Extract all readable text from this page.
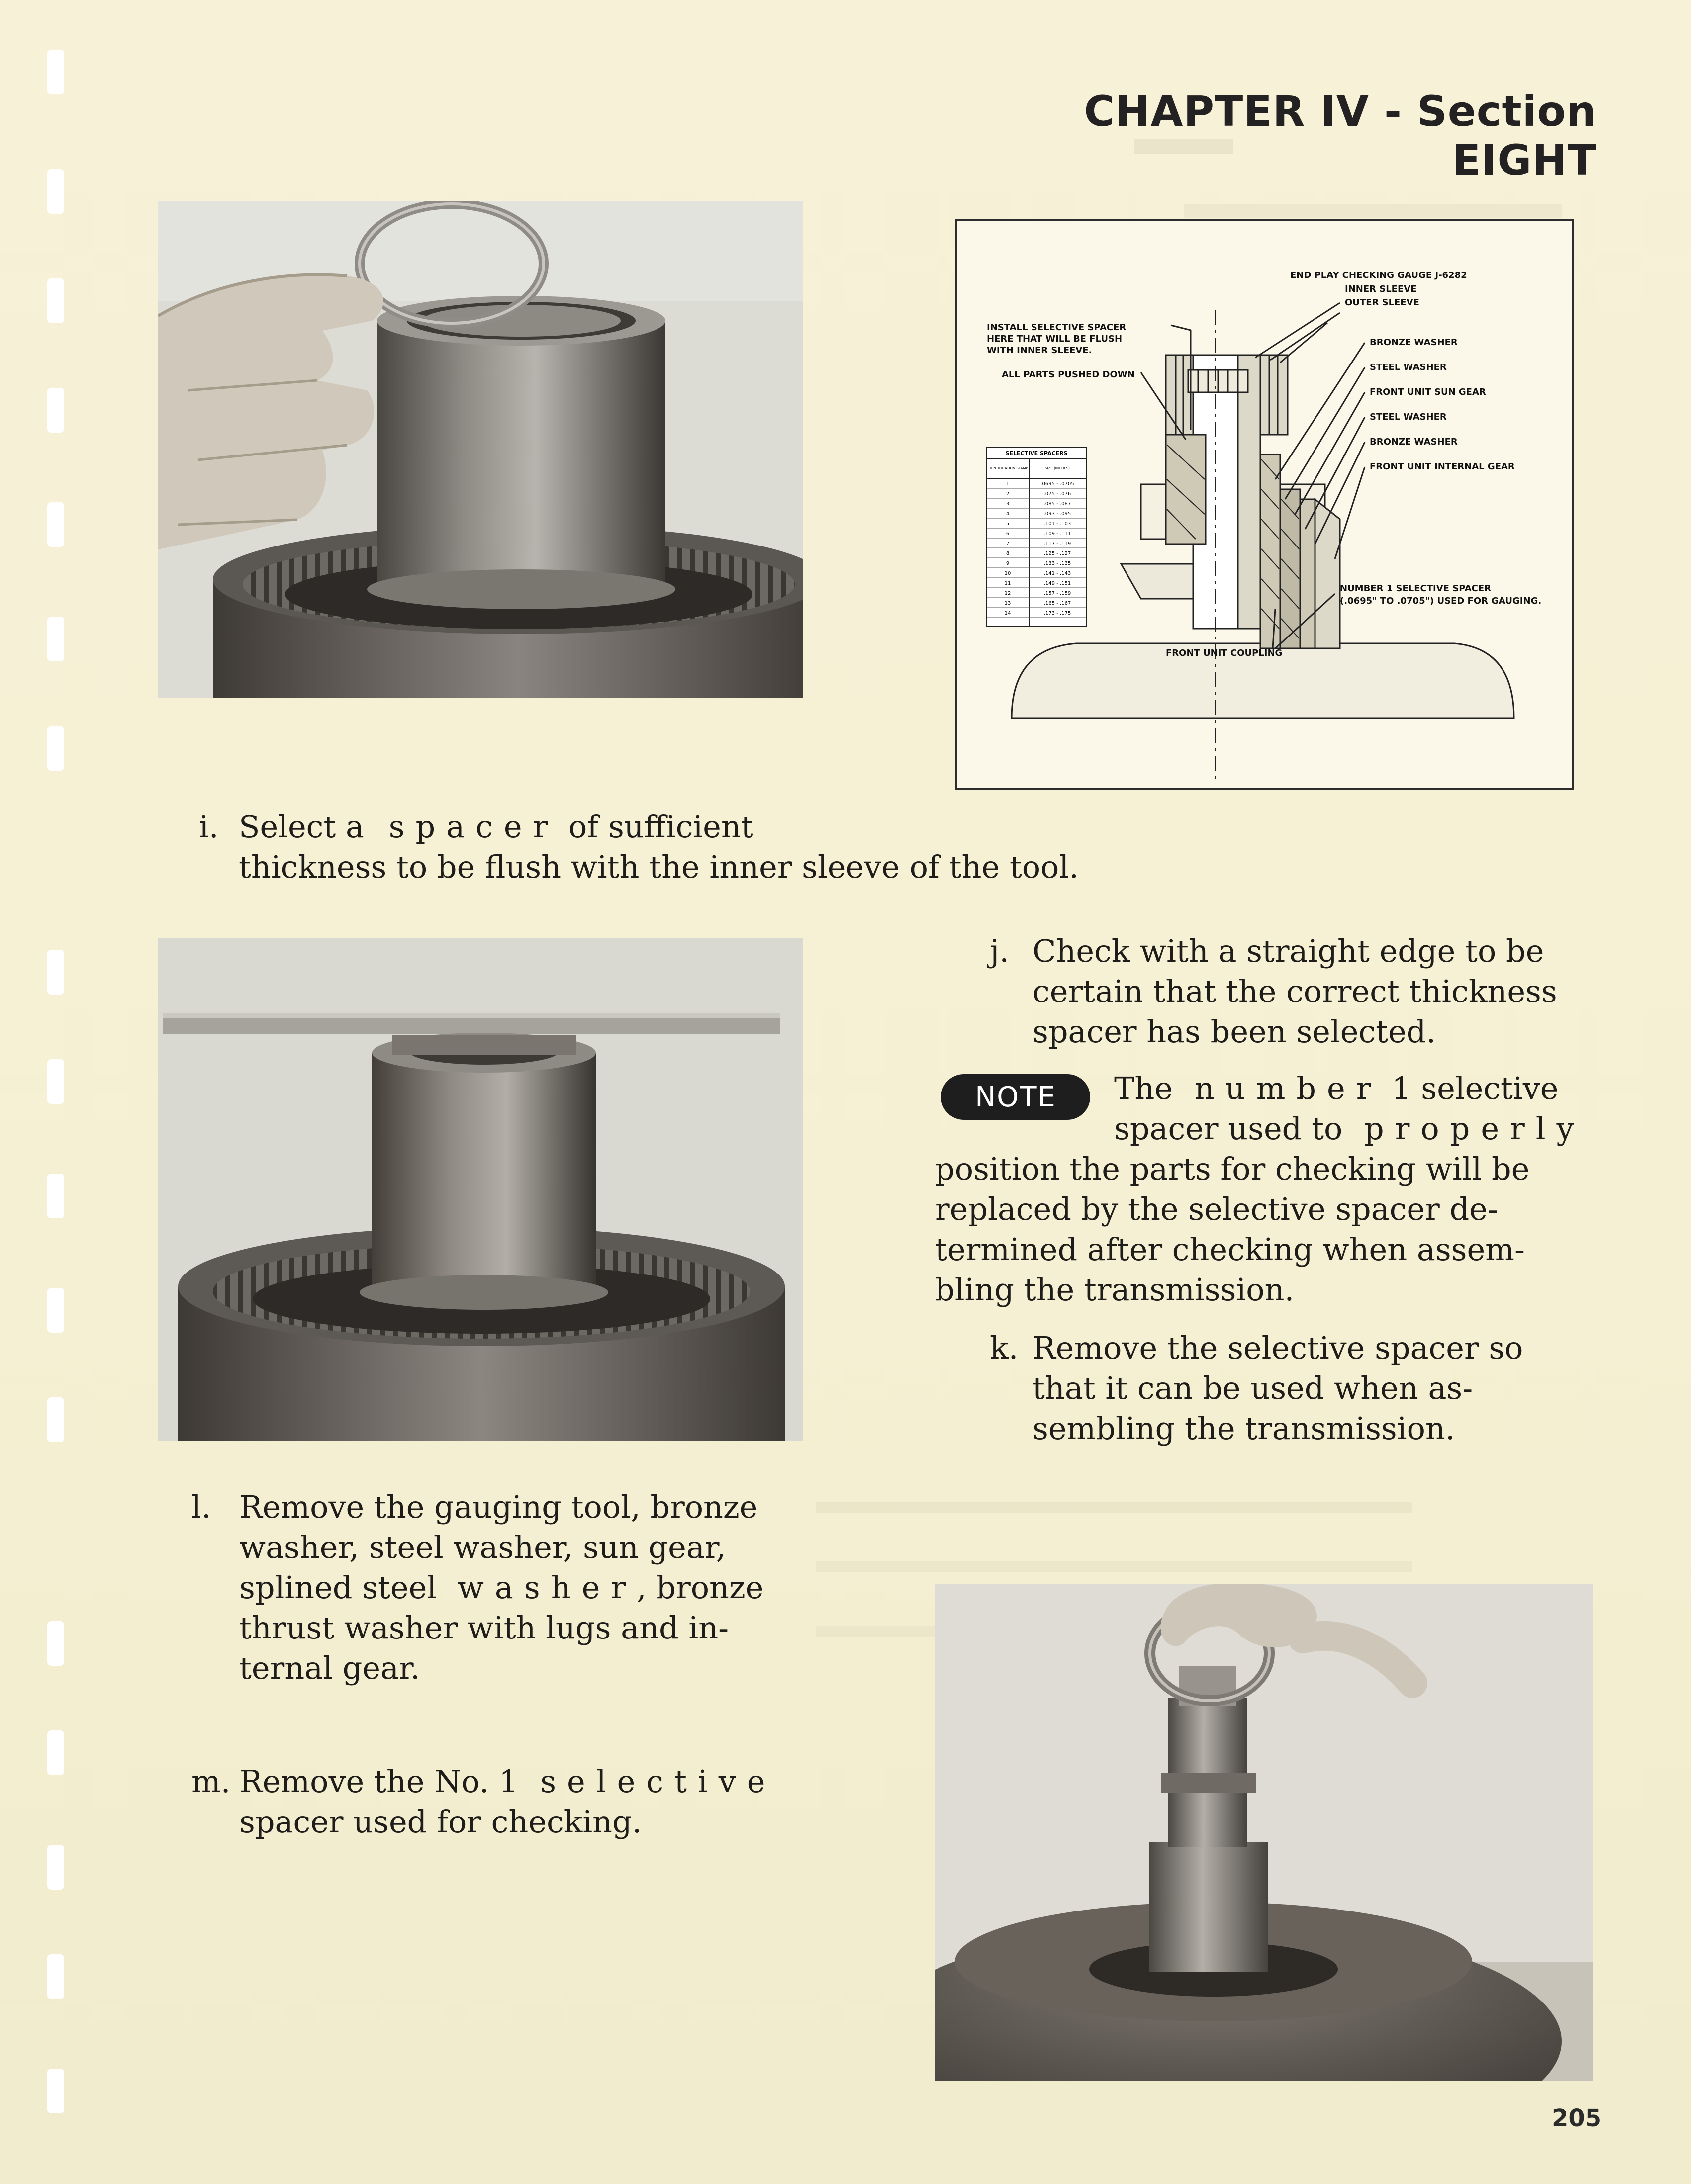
CHAPTER IV - Section EIGHT
END PLAY CHECKING GAUGE J-6282
INNER SLEEVE
OUTER SLEEVE
INSTALL SELECTIVE SPACER
HERE THAT WILL BE FLUSH
WITH INNER SLEEVE.
ALL PARTS PUSHED DOWN
BRONZE WASHER
STEEL WASHER
FRONT UNIT SUN GEAR
STEEL WASHER
BRONZE WASHER
FRONT UNIT INTERNAL GEAR
NUMBER 1 SELECTIVE SPACER
(.0695" TO .0705") USED FOR GAUGING.
FRONT UNIT COUPLING
SELECTIVE SPACERS
IDENTIFICATION STAMP	SIZE (INCHES)
1	.0695 - .0705
2	.075 - .076
3	.085 - .087
4	.093 - .095
5	.101 - .103
6	.109 - .111
7	.117 - .119
8	.125 - .127
9	.133 - .135
10	.141 - .143
11	.149 - .151
12	.157 - .159
13	.165 - .167
14	.173 - .175
i. Select a spacer of sufficient
thickness to be flush with the inner sleeve of the tool.
j. Check with a straight edge to be
certain that the correct thickness
spacer has been selected.
NOTE	The number 1 selective
spacer used to properly
position the parts for checking will be
replaced by the selective spacer de-
termined after checking when assem-
bling the transmission.
k. Remove the selective spacer so
that it can be used when as-
sembling the transmission.
l. Remove the gauging tool, bronze
washer, steel washer, sun gear,
splined steel washer, bronze
thrust washer with lugs and in-
ternal gear.
m. Remove the No. 1 selective
spacer used for checking.
205
